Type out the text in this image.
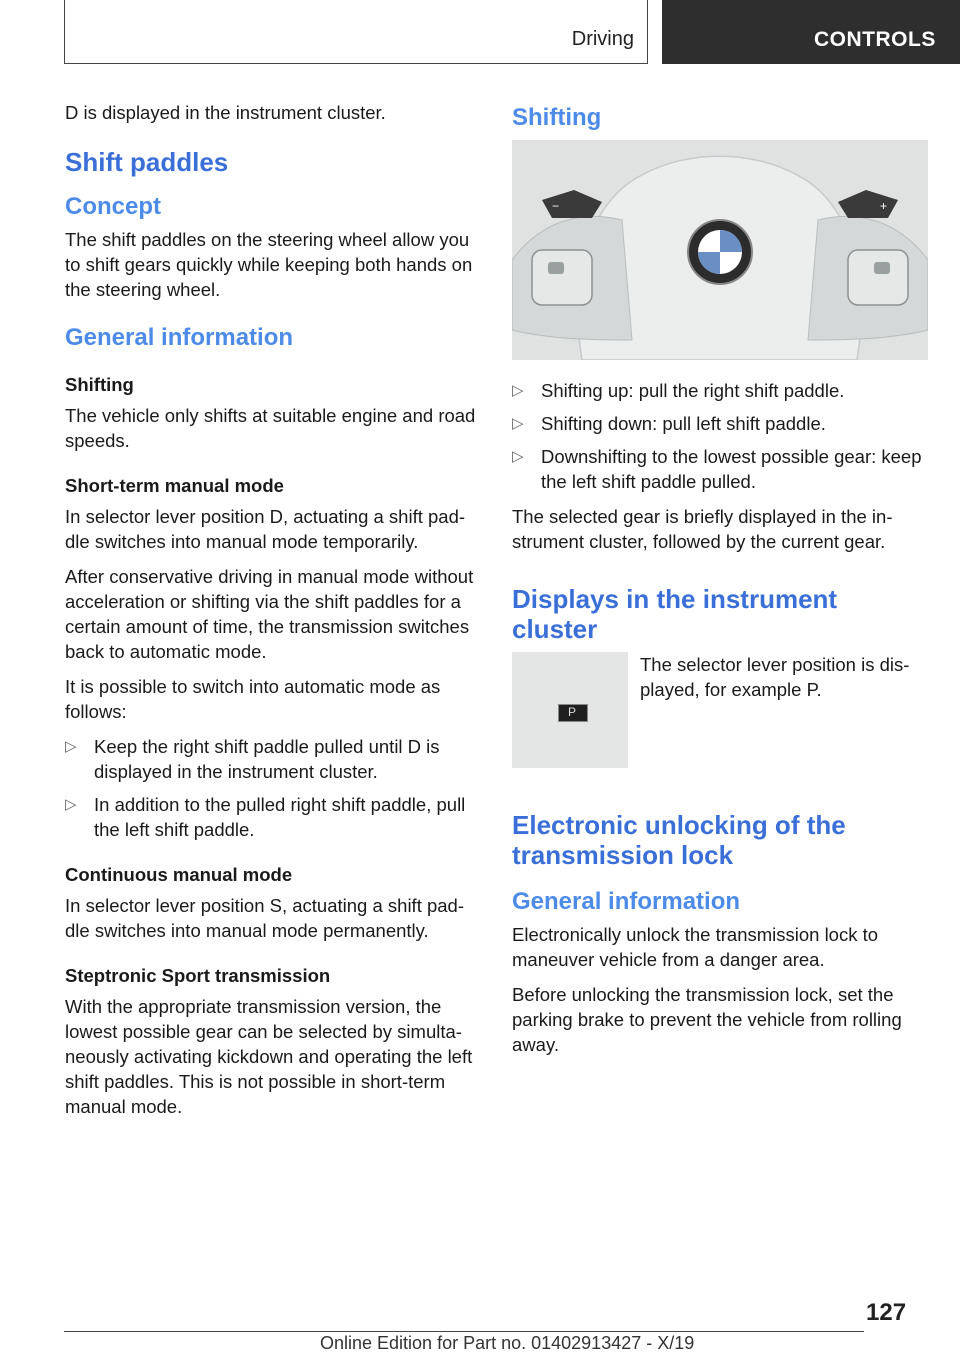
Driving	CONTROLS

D is displayed in the instrument cluster.

Shift paddles
Concept

The shift paddles on the steering wheel allow you to shift gears quickly while keeping both hands on the steering wheel.

General information
Shifting

The vehicle only shifts at suitable engine and road speeds.

Short-term manual mode

In selector lever position D, actuating a shift paddle switches into manual mode temporarily.

After conservative driving in manual mode without acceleration or shifting via the shift paddles for a certain amount of time, the transmission switches back to automatic mode.

It is possible to switch into automatic mode as follows:

▷ Keep the right shift paddle pulled until D is displayed in the instrument cluster.
▷ In addition to the pulled right shift paddle, pull the left shift paddle.
Continuous manual mode

In selector lever position S, actuating a shift paddle switches into manual mode permanently.

Steptronic Sport transmission

With the appropriate transmission version, the lowest possible gear can be selected by simultaneously activating kickdown and operating the left shift paddles. This is not possible in short-term manual mode.

Shifting
−	+
▷ Shifting up: pull the right shift paddle.
▷ Shifting down: pull left shift paddle.
▷ Downshifting to the lowest possible gear: keep the left shift paddle pulled.

The selected gear is briefly displayed in the instrument cluster, followed by the current gear.

Displays in the instrument cluster
P

The selector lever position is displayed, for example P.

Electronic unlocking of the transmission lock
General information

Electronically unlock the transmission lock to maneuver vehicle from a danger area.

Before unlocking the transmission lock, set the parking brake to prevent the vehicle from rolling away.

127
Online Edition for Part no. 01402913427 - X/19
